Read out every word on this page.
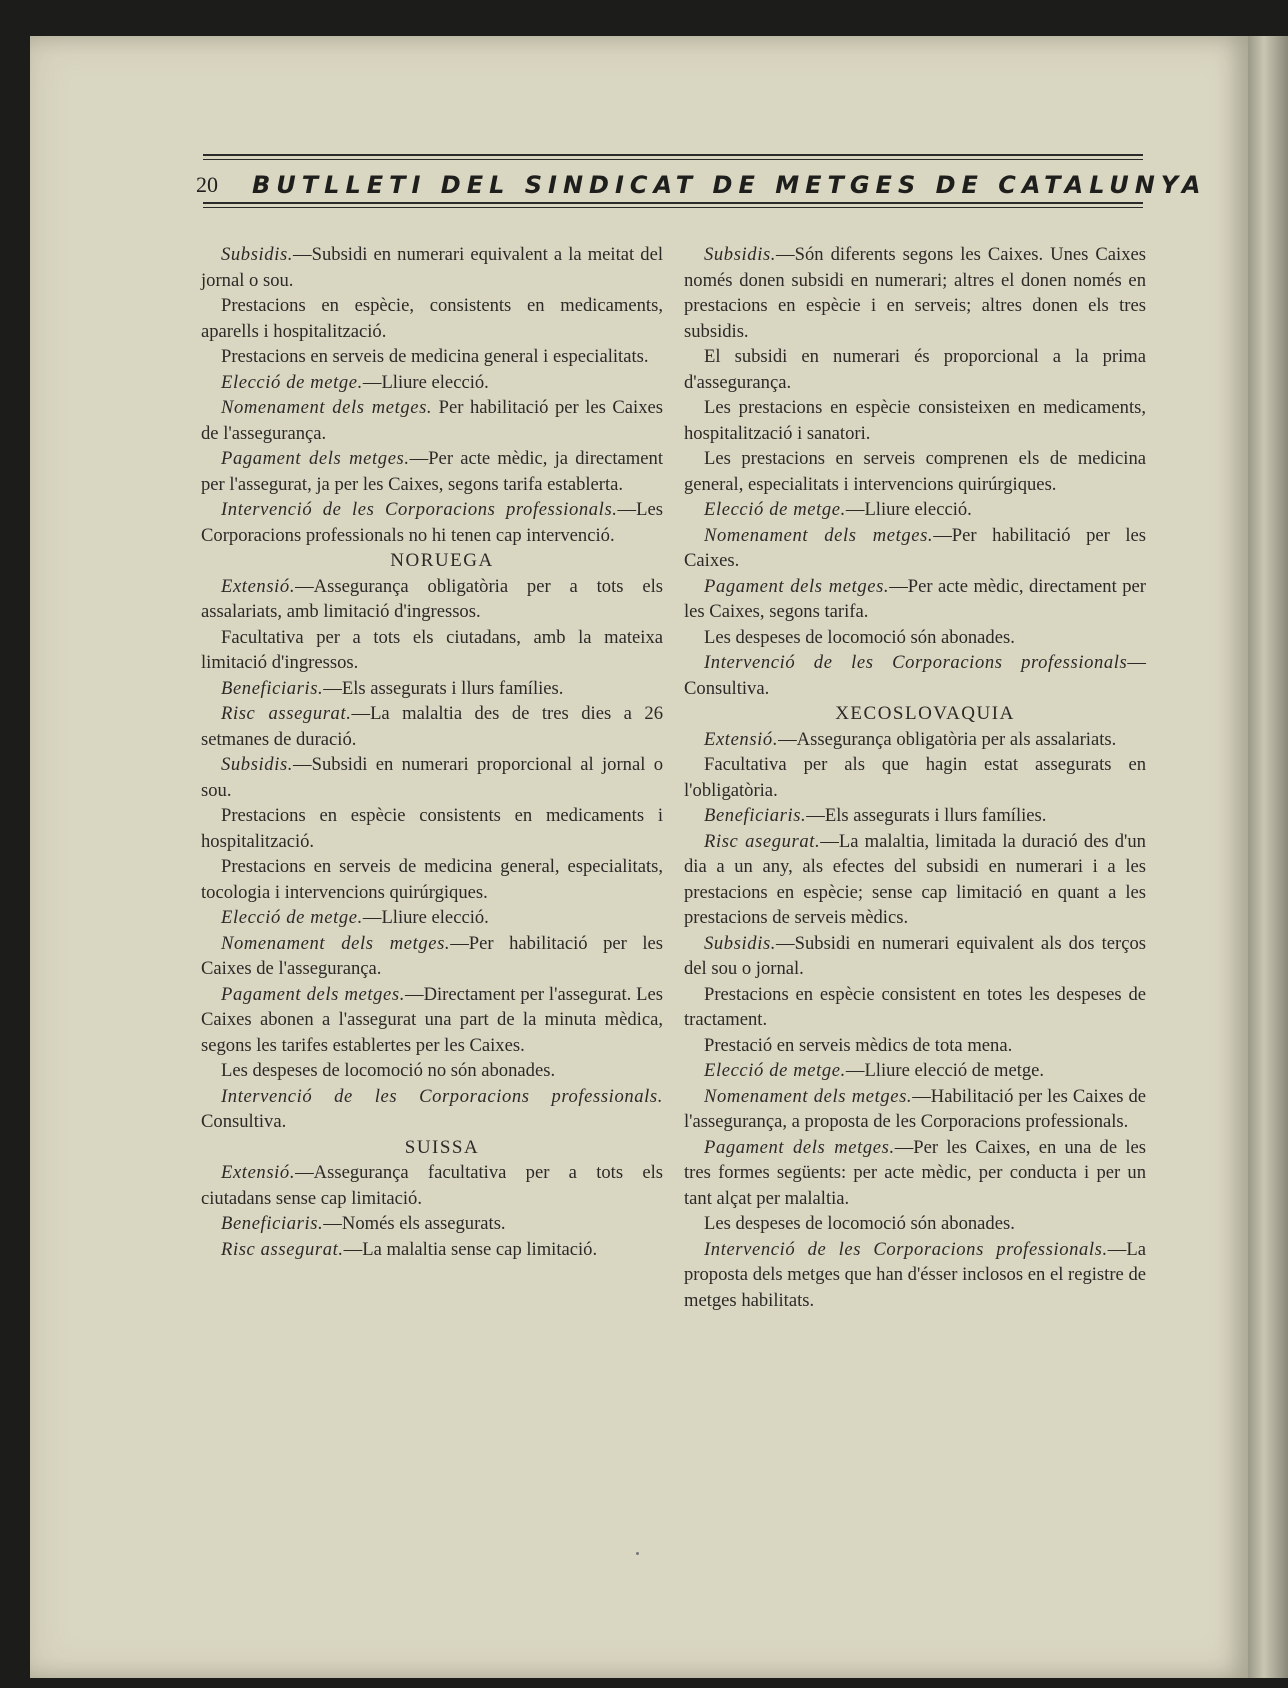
20 BUTLLETI DEL SINDICAT DE METGES DE CATALUNYA

Subsidis.—Subsidi en numerari equivalent a la meitat del jornal o sou.

Prestacions en espècie, consistents en medicaments, aparells i hospitalització.

Prestacions en serveis de medicina general i especialitats.

Elecció de metge.—Lliure elecció.

Nomenament dels metges. Per habilitació per les Caixes de l'assegurança.

Pagament dels metges.—Per acte mèdic, ja directament per l'assegurat, ja per les Caixes, segons tarifa establerta.

Intervenció de les Corporacions professionals.—Les Corporacions professionals no hi tenen cap intervenció.

NORUEGA

Extensió.—Assegurança obligatòria per a tots els assalariats, amb limitació d'ingressos.

Facultativa per a tots els ciutadans, amb la mateixa limitació d'ingressos.

Beneficiaris.—Els assegurats i llurs famílies.

Risc assegurat.—La malaltia des de tres dies a 26 setmanes de duració.

Subsidis.—Subsidi en numerari proporcional al jornal o sou.

Prestacions en espècie consistents en medicaments i hospitalització.

Prestacions en serveis de medicina general, especialitats, tocologia i intervencions quirúrgiques.

Elecció de metge.—Lliure elecció.

Nomenament dels metges.—Per habilitació per les Caixes de l'assegurança.

Pagament dels metges.—Directament per l'assegurat. Les Caixes abonen a l'assegurat una part de la minuta mèdica, segons les tarifes establertes per les Caixes.

Les despeses de locomoció no són abonades.

Intervenció de les Corporacions professionals. Consultiva.

SUISSA

Extensió.—Assegurança facultativa per a tots els ciutadans sense cap limitació.

Beneficiaris.—Només els assegurats.

Risc assegurat.—La malaltia sense cap limitació.

Subsidis.—Són diferents segons les Caixes. Unes Caixes només donen subsidi en numerari; altres el donen només en prestacions en espècie i en serveis; altres donen els tres subsidis.

El subsidi en numerari és proporcional a la prima d'assegurança.

Les prestacions en espècie consisteixen en medicaments, hospitalització i sanatori.

Les prestacions en serveis comprenen els de medicina general, especialitats i intervencions quirúrgiques.

Elecció de metge.—Lliure elecció.

Nomenament dels metges.—Per habilitació per les Caixes.

Pagament dels metges.—Per acte mèdic, directament per les Caixes, segons tarifa.

Les despeses de locomoció són abonades.

Intervenció de les Corporacions professionals—Consultiva.

XECOSLOVAQUIA

Extensió.—Assegurança obligatòria per als assalariats.

Facultativa per als que hagin estat assegurats en l'obligatòria.

Beneficiaris.—Els assegurats i llurs famílies.

Risc asegurat.—La malaltia, limitada la duració des d'un dia a un any, als efectes del subsidi en numerari i a les prestacions en espècie; sense cap limitació en quant a les prestacions de serveis mèdics.

Subsidis.—Subsidi en numerari equivalent als dos terços del sou o jornal.

Prestacions en espècie consistent en totes les despeses de tractament.

Prestació en serveis mèdics de tota mena.

Elecció de metge.—Lliure elecció de metge.

Nomenament dels metges.—Habilitació per les Caixes de l'assegurança, a proposta de les Corporacions professionals.

Pagament dels metges.—Per les Caixes, en una de les tres formes següents: per acte mèdic, per conducta i per un tant alçat per malaltia.

Les despeses de locomoció són abonades.

Intervenció de les Corporacions professionals.—La proposta dels metges que han d'ésser inclosos en el registre de metges habilitats.
